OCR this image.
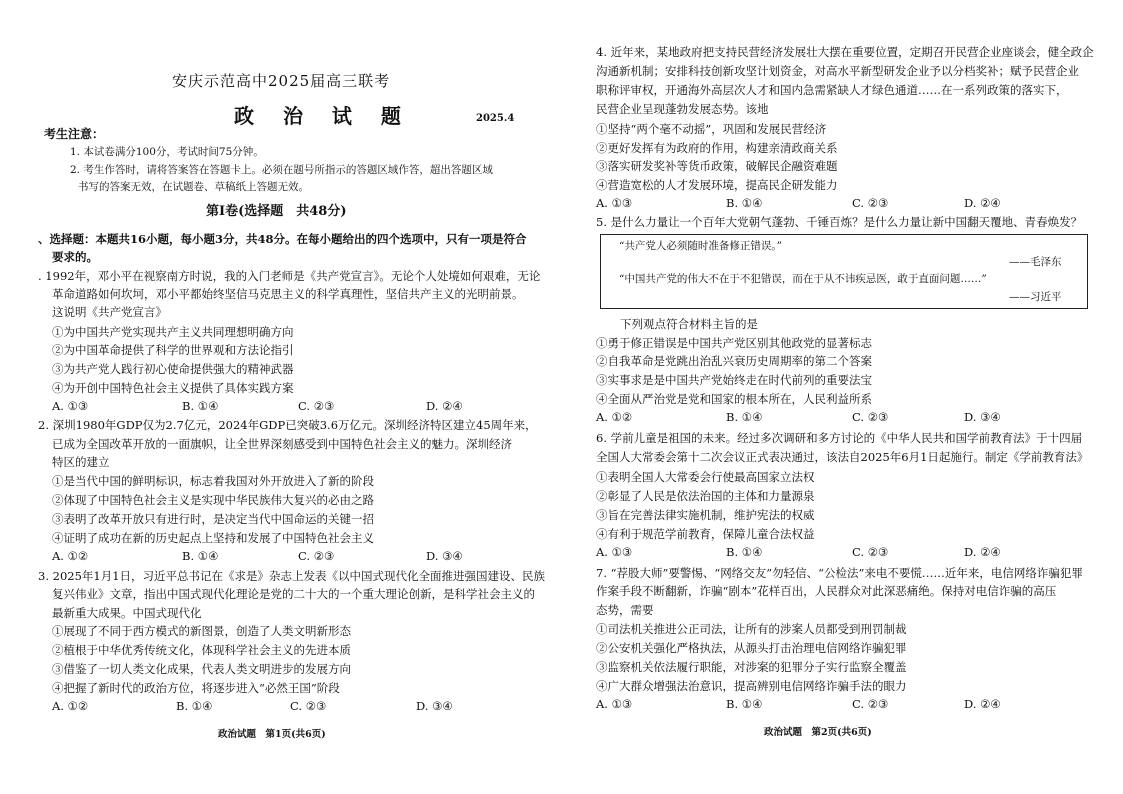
安庆示范高中2025届高三联考
政 治 试 题	2025.4
考生注意：
1. 本试卷满分100分，考试时间75分钟。
2. 考生作答时，请将答案答在答题卡上。必须在题号所指示的答题区域作答，超出答题区域
书写的答案无效，在试题卷、草稿纸上答题无效。
第Ⅰ卷(选择题　共48分)
、选择题：本题共16小题，每小题3分，共48分。在每小题给出的四个选项中，只有一项是符合
要求的。
. 1992年，邓小平在视察南方时说，我的入门老师是《共产党宣言》。无论个人处境如何艰难，无论
革命道路如何坎坷，邓小平都始终坚信马克思主义的科学真理性，坚信共产主义的光明前景。
这说明《共产党宣言》
①为中国共产党实现共产主义共同理想明确方向
②为中国革命提供了科学的世界观和方法论指引
③为共产党人践行初心使命提供强大的精神武器
④为开创中国特色社会主义提供了具体实践方案
A. ①③	B. ①④	C. ②③	D. ②④
2. 深圳1980年GDP仅为2.7亿元，2024年GDP已突破3.6万亿元。深圳经济特区建立45周年来，
已成为全国改革开放的一面旗帜，让全世界深刻感受到中国特色社会主义的魅力。深圳经济
特区的建立
①是当代中国的鲜明标识，标志着我国对外开放进入了新的阶段
②体现了中国特色社会主义是实现中华民族伟大复兴的必由之路
③表明了改革开放只有进行时，是决定当代中国命运的关键一招
④证明了成功在新的历史起点上坚持和发展了中国特色社会主义
A. ①②	B. ①④	C. ②③	D. ③④
3. 2025年1月1日，习近平总书记在《求是》杂志上发表《以中国式现代化全面推进强国建设、民族
复兴伟业》文章，指出中国式现代化理论是党的二十大的一个重大理论创新，是科学社会主义的
最新重大成果。中国式现代化
①展现了不同于西方模式的新图景，创造了人类文明新形态
②植根于中华优秀传统文化，体现科学社会主义的先进本质
③借鉴了一切人类文化成果，代表人类文明进步的发展方向
④把握了新时代的政治方位，将逐步进入“必然王国”阶段
A. ①②	B. ①④	C. ②③	D. ③④
政治试题　第1页(共6页)
4. 近年来，某地政府把支持民营经济发展壮大摆在重要位置，定期召开民营企业座谈会，健全政企
沟通新机制；安排科技创新攻坚计划资金，对高水平新型研发企业予以分档奖补；赋予民营企业
职称评审权，开通海外高层次人才和国内急需紧缺人才绿色通道……在一系列政策的落实下，
民营企业呈现蓬勃发展态势。该地
①坚持“两个毫不动摇”，巩固和发展民营经济
②更好发挥有为政府的作用，构建亲清政商关系
③落实研发奖补等货币政策，破解民企融资难题
④营造宽松的人才发展环境，提高民企研发能力
A. ①③	B. ①④	C. ②③	D. ②④
5. 是什么力量让一个百年大党朝气蓬勃、千锤百炼？是什么力量让新中国翻天覆地、青春焕发？
“共产党人必须随时准备修正错误。”
——毛泽东
“中国共产党的伟大不在于不犯错误，而在于从不讳疾忌医，敢于直面问题……”
——习近平
下列观点符合材料主旨的是
①勇于修正错误是中国共产党区别其他政党的显著标志
②自我革命是党跳出治乱兴衰历史周期率的第二个答案
③实事求是是中国共产党始终走在时代前列的重要法宝
④全面从严治党是党和国家的根本所在，人民利益所系
A. ①②	B. ①④	C. ②③	D. ③④
6. 学前儿童是祖国的未来。经过多次调研和多方讨论的《中华人民共和国学前教育法》于十四届
全国人大常委会第十二次会议正式表决通过，该法自2025年6月1日起施行。制定《学前教育法》
①表明全国人大常委会行使最高国家立法权
②彰显了人民是依法治国的主体和力量源泉
③旨在完善法律实施机制，维护宪法的权威
④有利于规范学前教育，保障儿童合法权益
A. ①③	B. ①④	C. ②③	D. ②④
7. “荐股大师”要警惕、“网络交友”勿轻信、“公检法”来电不要慌……近年来，电信网络诈骗犯罪
作案手段不断翻新，诈骗“剧本”花样百出，人民群众对此深恶痛绝。保持对电信诈骗的高压
态势，需要
①司法机关推进公正司法，让所有的涉案人员都受到刑罚制裁
②公安机关强化严格执法，从源头打击治理电信网络诈骗犯罪
③监察机关依法履行职能，对涉案的犯罪分子实行监察全覆盖
④广大群众增强法治意识，提高辨别电信网络诈骗手法的眼力
A. ①③	B. ①④	C. ②③	D. ②④
政治试题　第2页(共6页)
